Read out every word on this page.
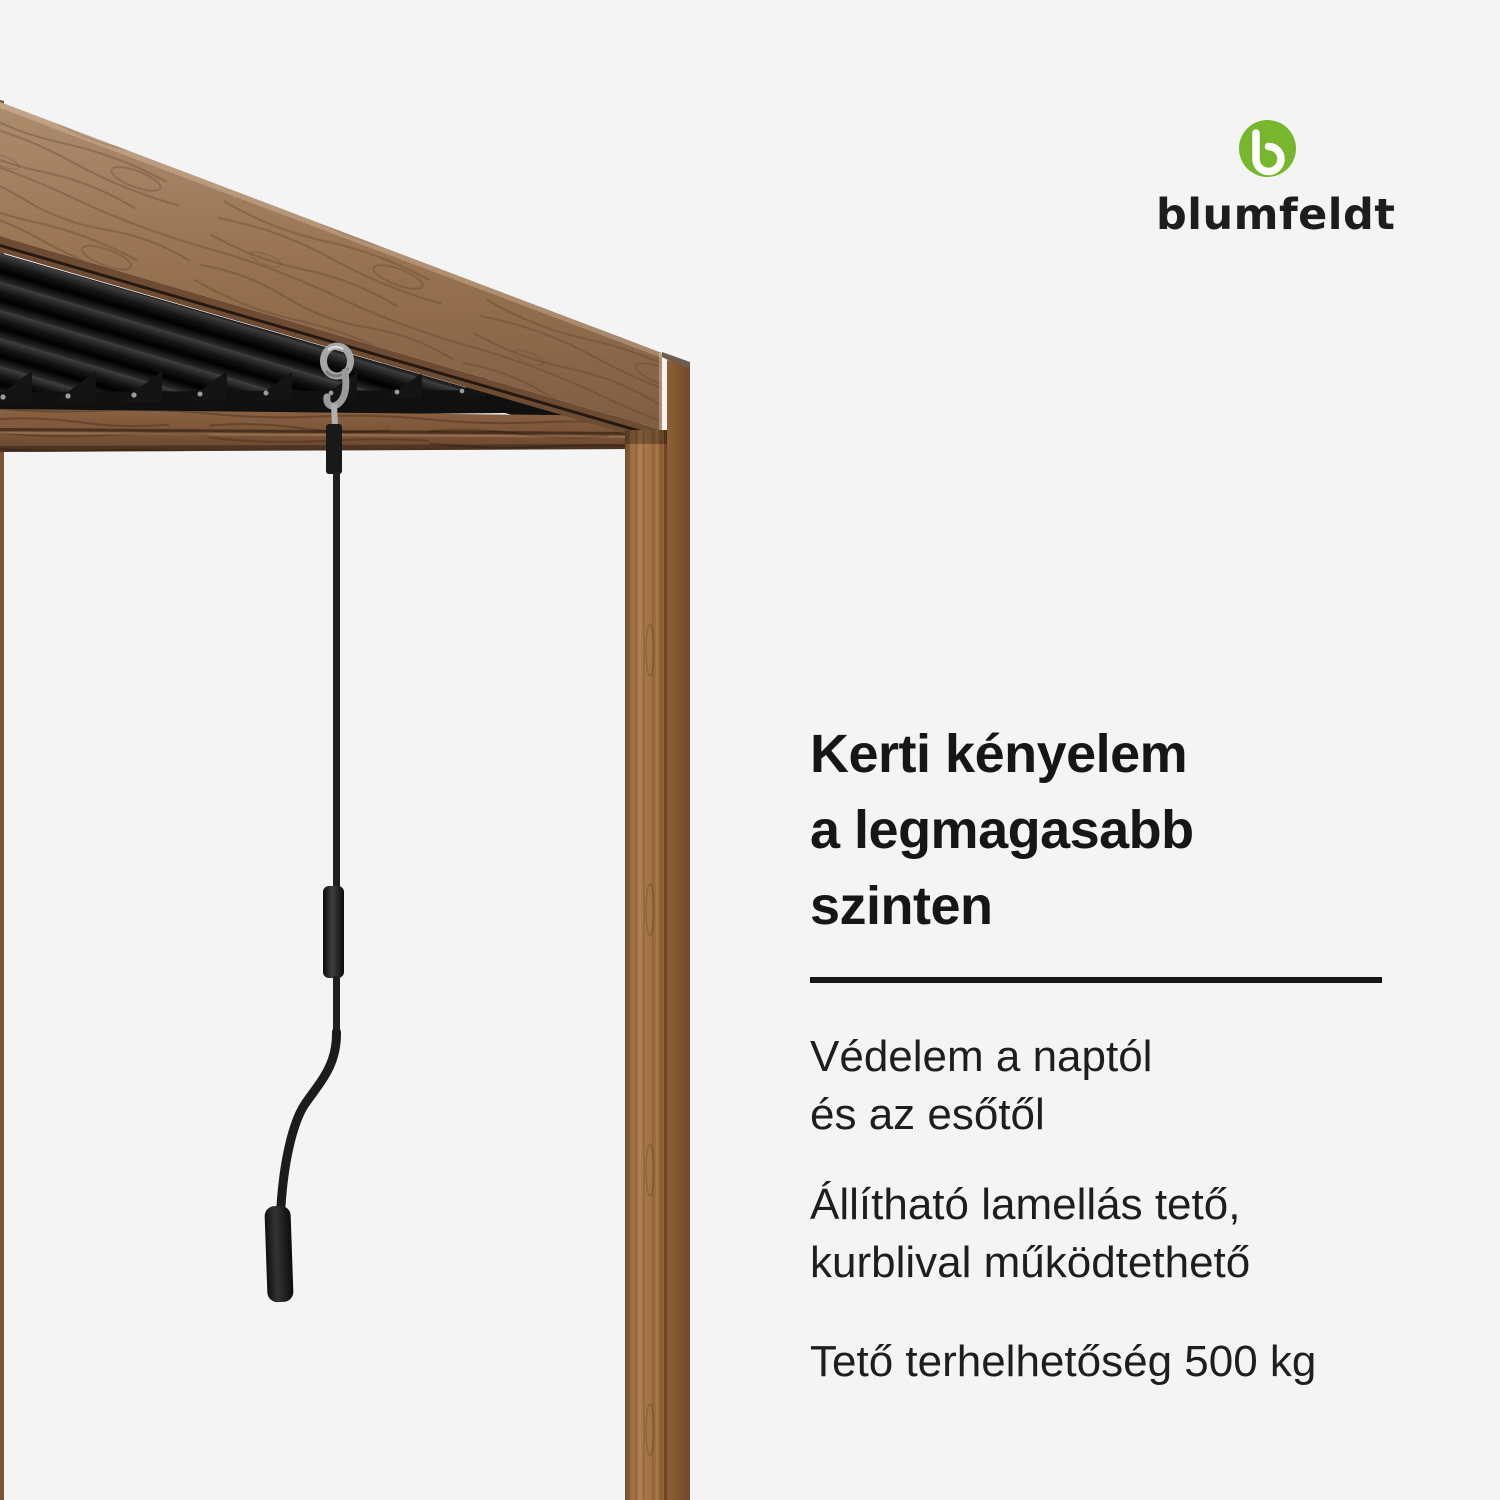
blumfeldt
Kerti kényelem
a legmagasabb
szinten
Védelem a naptól
és az esőtől
Állítható lamellás tető,
kurblival működtethető
Tető terhelhetőség 500 kg
